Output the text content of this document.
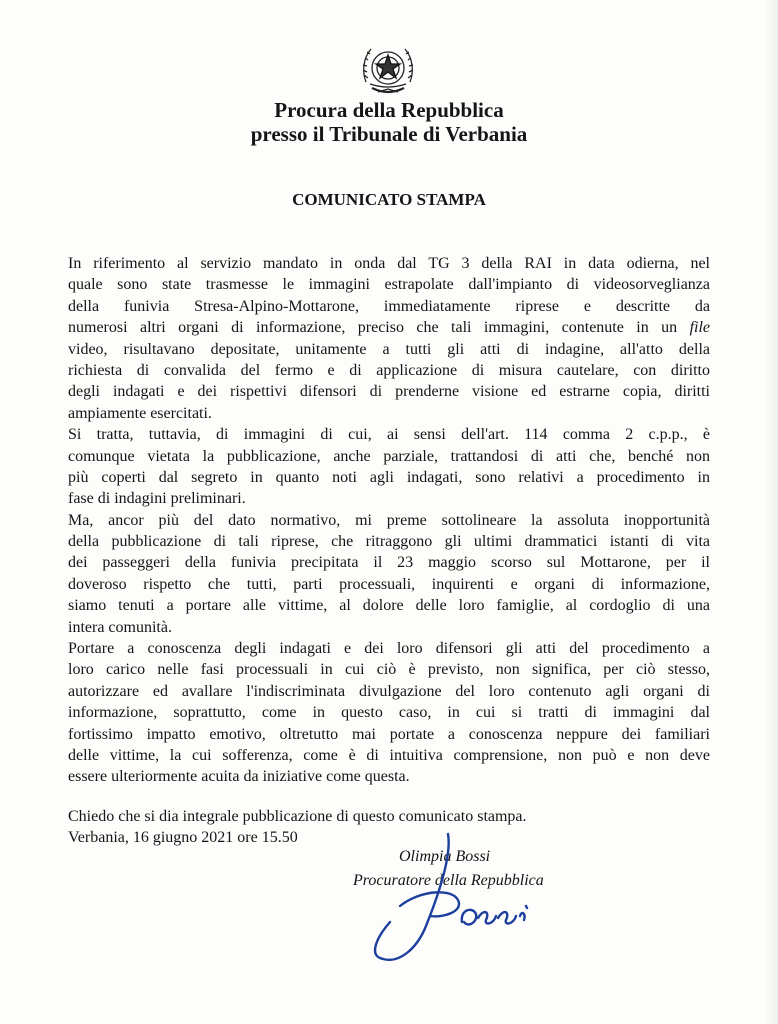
Procura della Repubblica
presso il Tribunale di Verbania
COMUNICATO STAMPA
In riferimento al servizio mandato in onda dal TG 3 della RAI in data odierna, nel
quale sono state trasmesse le immagini estrapolate dall'impianto di videosorveglianza
della funivia Stresa-Alpino-Mottarone, immediatamente riprese e descritte da
numerosi altri organi di informazione, preciso che tali immagini, contenute in un file
video, risultavano depositate, unitamente a tutti gli atti di indagine, all'atto della
richiesta di convalida del fermo e di applicazione di misura cautelare, con diritto
degli indagati e dei rispettivi difensori di prenderne visione ed estrarne copia, diritti
ampiamente esercitati.
Si tratta, tuttavia, di immagini di cui, ai sensi dell'art. 114 comma 2 c.p.p., è
comunque vietata la pubblicazione, anche parziale, trattandosi di atti che, benché non
più coperti dal segreto in quanto noti agli indagati, sono relativi a procedimento in
fase di indagini preliminari.
Ma, ancor più del dato normativo, mi preme sottolineare la assoluta inopportunità
della pubblicazione di tali riprese, che ritraggono gli ultimi drammatici istanti di vita
dei passeggeri della funivia precipitata il 23 maggio scorso sul Mottarone, per il
doveroso rispetto che tutti, parti processuali, inquirenti e organi di informazione,
siamo tenuti a portare alle vittime, al dolore delle loro famiglie, al cordoglio di una
intera comunità.
Portare a conoscenza degli indagati e dei loro difensori gli atti del procedimento a
loro carico nelle fasi processuali in cui ciò è previsto, non significa, per ciò stesso,
autorizzare ed avallare l'indiscriminata divulgazione del loro contenuto agli organi di
informazione, soprattutto, come in questo caso, in cui si tratti di immagini dal
fortissimo impatto emotivo, oltretutto mai portate a conoscenza neppure dei familiari
delle vittime, la cui sofferenza, come è di intuitiva comprensione, non può e non deve
essere ulteriormente acuita da iniziative come questa.
Chiedo che si dia integrale pubblicazione di questo comunicato stampa.
Verbania, 16 giugno 2021 ore 15.50
Olimpia Bossi
Procuratore della Repubblica
